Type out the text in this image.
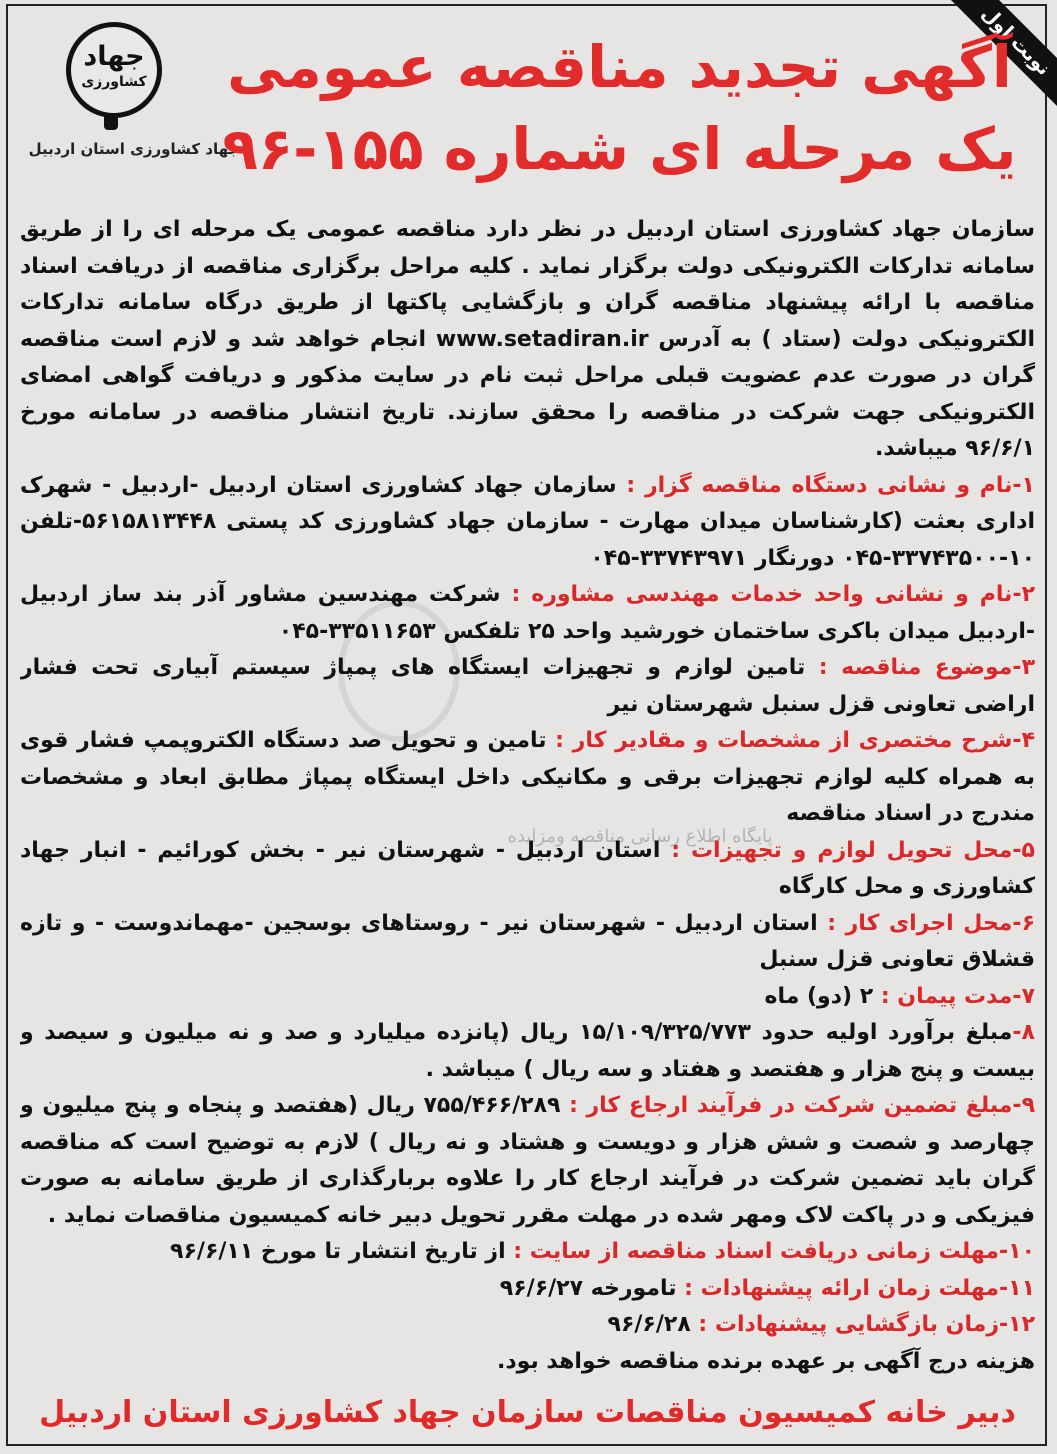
نوبت اول
جهاد
کشاورزی
جهاد کشاورزی استان اردبیل
آگهی تجدید مناقصه عمومی
یک مرحله ای شماره ۱۵۵-۹۶
پایگاه اطلاع رسانی مناقصه ومزایده

سازمان جهاد کشاورزی استان اردبیل در نظر دارد مناقصه عمومی یک مرحله ای را از طریق سامانه تدارکات الکترونیکی دولت برگزار نماید . کلیه مراحل برگزاری مناقصه از دریافت اسناد مناقصه با ارائه پیشنهاد مناقصه گران و بازگشایی پاکتها از طریق درگاه سامانه تدارکات الکترونیکی دولت (ستاد ) به آدرس www.setadiran.ir انجام خواهد شد و لازم است مناقصه گران در صورت عدم عضویت قبلی مراحل ثبت نام در سایت مذکور و دریافت گواهی امضای الکترونیکی جهت شرکت در مناقصه را محقق سازند. تاریخ انتشار مناقصه در سامانه مورخ ۹۶/۶/۱ میباشد.

۱-نام و نشانی دستگاه مناقصه گزار : سازمان جهاد کشاورزی استان اردبیل -اردبیل - شهرک اداری بعثت (کارشناسان میدان مهارت - سازمان جهاد کشاورزی کد پستی ۵۶۱۵۸۱۳۴۴۸-تلفن ۱۰-۳۳۷۴۳۵۰۰-۰۴۵ دورنگار ۳۳۷۴۳۹۷۱-۰۴۵
۲-نام و نشانی واحد خدمات مهندسی مشاوره : شرکت مهندسین مشاور آذر بند ساز اردبیل -اردبیل میدان باکری ساختمان خورشید واحد ۲۵ تلفکس ۳۳۵۱۱۶۵۳-۰۴۵
۳-موضوع مناقصه : تامین لوازم و تجهیزات ایستگاه های پمپاژ سیستم آبیاری تحت فشار اراضی تعاونی قزل سنبل شهرستان نیر
۴-شرح مختصری از مشخصات و مقادیر کار : تامین و تحویل صد دستگاه الکتروپمپ فشار قوی به همراه کلیه لوازم تجهیزات برقی و مکانیکی داخل ایستگاه پمپاژ مطابق ابعاد و مشخصات مندرج در اسناد مناقصه
۵-محل تحویل لوازم و تجهیزات : استان اردبیل - شهرستان نیر - بخش کورائیم - انبار جهاد کشاورزی و محل کارگاه
۶-محل اجرای کار : استان اردبیل - شهرستان نیر - روستاهای بوسجین -مهماندوست - و تازه قشلاق تعاونی قزل سنبل
۷-مدت پیمان : ۲ (دو) ماه
۸-مبلغ برآورد اولیه حدود ۱۵/۱۰۹/۳۲۵/۷۷۳ ریال (پانزده میلیارد و صد و نه میلیون و سیصد و بیست و پنج هزار و هفتصد و هفتاد و سه ریال ) میباشد .
۹-مبلغ تضمین شرکت در فرآیند ارجاع کار : ۷۵۵/۴۶۶/۲۸۹ ریال (هفتصد و پنجاه و پنج میلیون و چهارصد و شصت و شش هزار و دویست و هشتاد و نه ریال ) لازم به توضیح است که مناقصه گران باید تضمین شرکت در فرآیند ارجاع کار را علاوه بربارگذاری از طریق سامانه به صورت فیزیکی و در پاکت لاک ومهر شده در مهلت مقرر تحویل دبیر خانه کمیسیون مناقصات نماید .
۱۰-مهلت زمانی دریافت اسناد مناقصه از سایت : از تاریخ انتشار تا مورخ ۹۶/۶/۱۱
۱۱-مهلت زمان ارائه پیشنهادات : تامورخه ۹۶/۶/۲۷
۱۲-زمان بازگشایی پیشنهادات : ۹۶/۶/۲۸
هزینه درج آگهی بر عهده برنده مناقصه خواهد بود.
دبیر خانه کمیسیون مناقصات سازمان جهاد کشاورزی استان اردبیل
